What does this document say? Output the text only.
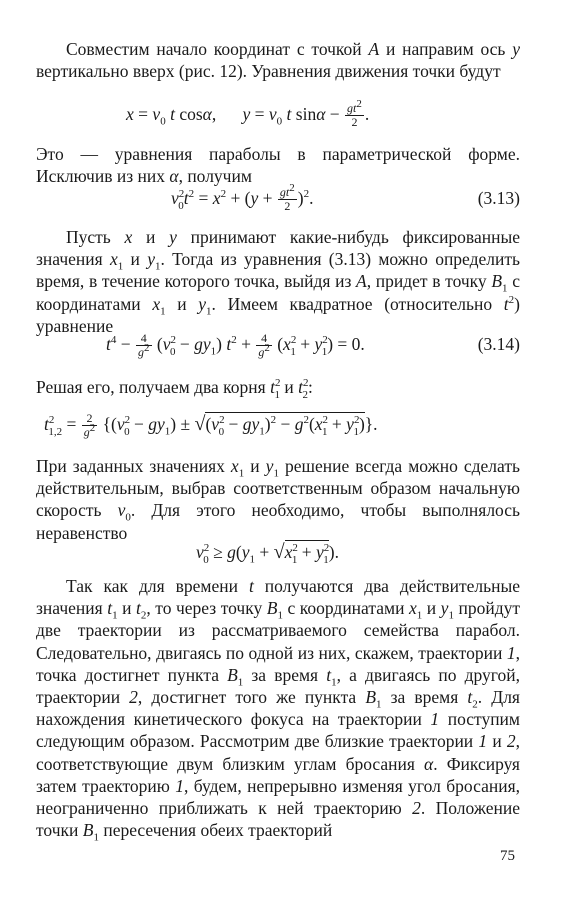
Совместим начало координат с точкой A и направим ось y вертикально вверх (рис. 12). Уравнения движения точки будут
$x = v_0$ t cosα,      $y = v_0$ t $\sin\alpha - \frac{gt^2}{2}$ .
Это — уравнения параболы в параметрической форме. Исключив из них α, получим
$v^2_0t^2 = x^2 + (y + \frac{gt^2}{2} )^2$.	(3.13)
Пусть x и y принимают какие-нибудь фиксированные значения $x_1$ и $y_1$. Тогда из уравнения (3.13) можно определить время, в течение которого точка, выйдя из A, придет в точку $B_1$ с координатами $x_1$ и $y_1$. Имеем квадратное (относительно $t^2$) уравнение
$t^4 - \frac{4}{g^2} (v^2_0 - gy_1) t^2 + \frac{4}{g^2} (x^2_1 + y^2_1) = 0$.	(3.14)
Решая его, получаем два корня $t^2_1$ и $t^2_2$:
$t^2_{1,2} = \frac{2}{g^2} \{(v^2_0 - gy_1) \pm √(v^2_0 - gy_1)^2 - g^2(x^2_1 + y^2_1)\}$.
При заданных значениях $x_1$ и $y_1$ решение всегда можно сделать действительным, выбрав соответственным образом начальную скорость $v_0$. Для этого необходимо, чтобы выполнялось неравенство
$v^2_0 \ge g(y_1 + √x^2_1 + y^2_1)$.
Так как для времени t получаются два действительные значения $t_1$ и $t_2$, то через точку $B_1$ с координатами $x_1$ и $y_1$ пройдут две траектории из рассматриваемого семейства парабол. Следовательно, двигаясь по одной из них, скажем, траектории 1, точка достигнет пункта $B_1$ за время $t_1$, а двигаясь по другой, траектории 2, достигнет того же пункта $B_1$ за время $t_2$. Для нахождения кинетического фокуса на траектории 1 поступим следующим образом. Рассмотрим две близкие траектории 1 и 2, соответствующие двум близким углам бросания α. Фиксируя затем траекторию 1, будем, непрерывно изменяя угол бросания, неограниченно приближать к ней траекторию 2. Положение точки $B_1$ пересечения обеих траекторий
75
